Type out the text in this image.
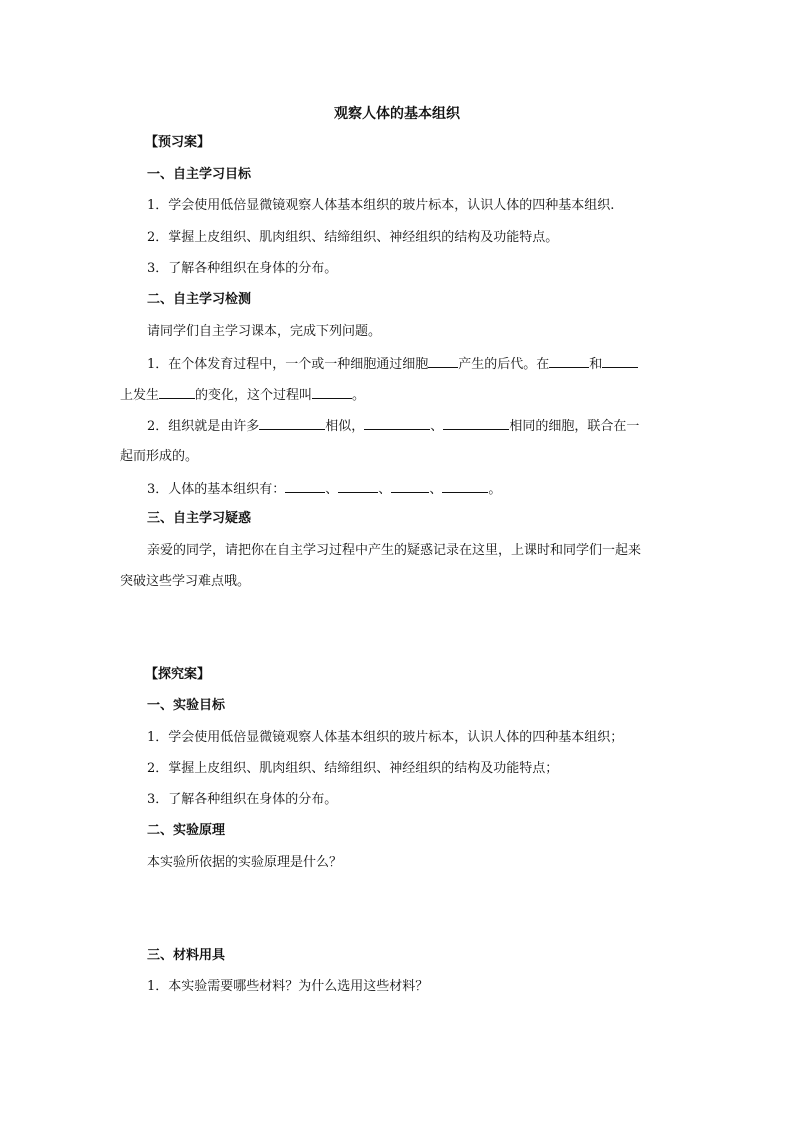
观察人体的基本组织
【预习案】
一、自主学习目标
1．学会使用低倍显微镜观察人体基本组织的玻片标本，认识人体的四种基本组织.
2．掌握上皮组织、肌肉组织、结缔组织、神经组织的结构及功能特点。
3．了解各种组织在身体的分布。
二、自主学习检测
请同学们自主学习课本，完成下列问题。
1．在个体发育过程中，一个或一种细胞通过细胞 产生的后代。在	和
上发生	的变化，这个过程叫	。
2．组织就是由许多	相似，	、	相同的细胞，联合在一
起而形成的。
3．人体的基本组织有：	、	、	、	。
三、自主学习疑惑
亲爱的同学，请把你在自主学习过程中产生的疑惑记录在这里，上课时和同学们一起来
突破这些学习难点哦。
【探究案】
一、实验目标
1．学会使用低倍显微镜观察人体基本组织的玻片标本，认识人体的四种基本组织；
2．掌握上皮组织、肌肉组织、结缔组织、神经组织的结构及功能特点；
3．了解各种组织在身体的分布。
二、实验原理
本实验所依据的实验原理是什么？
三、材料用具
1．本实验需要哪些材料？为什么选用这些材料？
